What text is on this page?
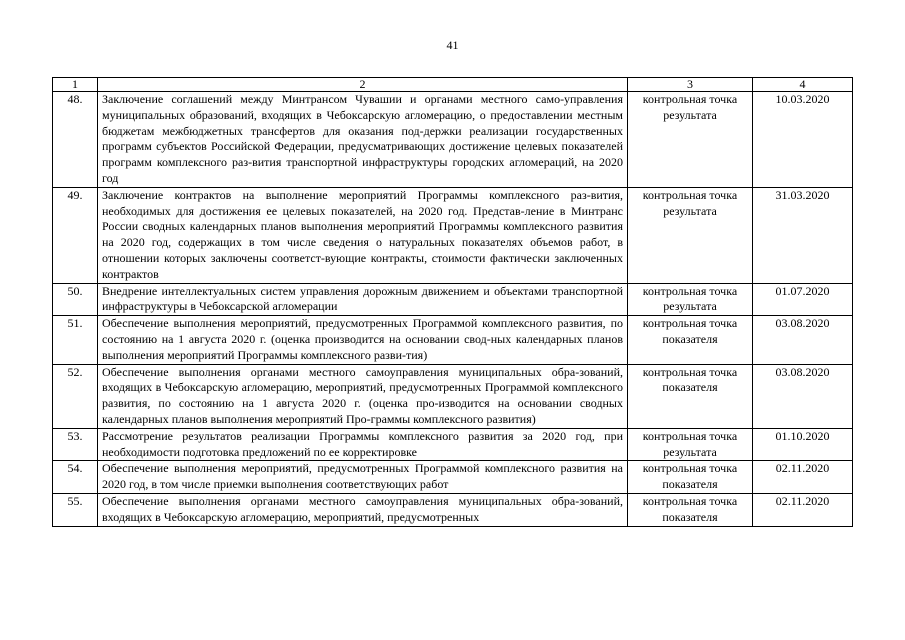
41
1	2	3	4
48.	Заключение соглашений между Минтрансом Чувашии и органами местного само-управления муниципальных образований, входящих в Чебоксарскую агломерацию, о предоставлении местным бюджетам межбюджетных трансфертов для оказания под-держки реализации государственных программ субъектов Российской Федерации, предусматривающих достижение целевых показателей программ комплексного раз-вития транспортной инфраструктуры городских агломераций, на 2020 год	контрольная точка результата	10.03.2020
49.	Заключение контрактов на выполнение мероприятий Программы комплексного раз-вития, необходимых для достижения ее целевых показателей, на 2020 год. Представ-ление в Минтранс России сводных календарных планов выполнения мероприятий Программы комплексного развития на 2020 год, содержащих в том числе сведения о натуральных показателях объемов работ, в отношении которых заключены соответст-вующие контракты, стоимости фактически заключенных контрактов	контрольная точка результата	31.03.2020
50.	Внедрение интеллектуальных систем управления дорожным движением и объектами транспортной инфраструктуры в Чебоксарской агломерации	контрольная точка результата	01.07.2020
51.	Обеспечение выполнения мероприятий, предусмотренных Программой комплексного развития, по состоянию на 1 августа 2020 г. (оценка производится на основании свод-ных календарных планов выполнения мероприятий Программы комплексного разви-тия)	контрольная точка показателя	03.08.2020
52.	Обеспечение выполнения органами местного самоуправления муниципальных обра-зований, входящих в Чебоксарскую агломерацию, мероприятий, предусмотренных Программой комплексного развития, по состоянию на 1 августа 2020 г. (оценка про-изводится на основании сводных календарных планов выполнения мероприятий Про-граммы комплексного развития)	контрольная точка показателя	03.08.2020
53.	Рассмотрение результатов реализации Программы комплексного развития за 2020 год, при необходимости подготовка предложений по ее корректировке	контрольная точка результата	01.10.2020
54.	Обеспечение выполнения мероприятий, предусмотренных Программой комплексного развития на 2020 год, в том числе приемки выполнения соответствующих работ	контрольная точка показателя	02.11.2020
55.	Обеспечение выполнения органами местного самоуправления муниципальных обра-зований, входящих в Чебоксарскую агломерацию, мероприятий, предусмотренных	контрольная точка показателя	02.11.2020
